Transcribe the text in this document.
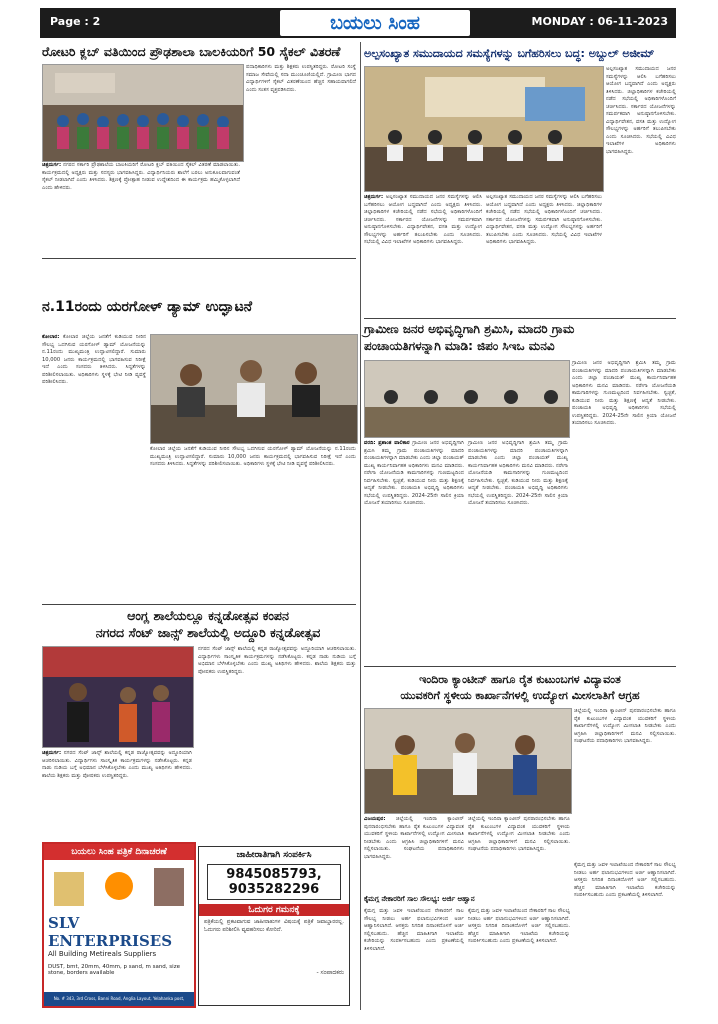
Page : 2	ಬಯಲು ಸಿಂಹ	MONDAY : 06-11-2023
ರೋಟರಿ ಕ್ಲಬ್ ವತಿಯಿಂದ ಪ್ರೌಢಶಾಲಾ ಬಾಲಕಿಯರಿಗೆ 50 ಸೈಕಲ್ ವಿತರಣೆ
ಚಿತ್ರದುರ್ಗ: ನಗರದ ಸರ್ಕಾರಿ ಪ್ರೌಢಶಾಲೆಯ ಬಾಲಕಿಯರಿಗೆ ರೋಟರಿ ಕ್ಲಬ್ ವತಿಯಿಂದ ಸೈಕಲ್ ವಿತರಣೆ ಮಾಡಲಾಯಿತು. ಕಾರ್ಯಕ್ರಮದಲ್ಲಿ ಅಧ್ಯಕ್ಷರು ಮತ್ತು ಸದಸ್ಯರು ಭಾಗವಹಿಸಿದ್ದರು. ವಿದ್ಯಾರ್ಥಿನಿಯರು ಶಾಲೆಗೆ ಬರಲು ಅನುಕೂಲವಾಗುವಂತೆ ಸೈಕಲ್ ನೀಡಲಾಗಿದೆ ಎಂದು ತಿಳಿಸಿದರು. ಶಿಕ್ಷಣಕ್ಕೆ ಪ್ರೋತ್ಸಾಹ ನೀಡುವ ಉದ್ದೇಶದಿಂದ ಈ ಕಾರ್ಯಕ್ರಮ ಹಮ್ಮಿಕೊಳ್ಳಲಾಗಿದೆ ಎಂದು ಹೇಳಿದರು.
ಪದಾಧಿಕಾರಿಗಳು ಮತ್ತು ಶಿಕ್ಷಕರು ಉಪಸ್ಥಿತರಿದ್ದರು. ರೋಟರಿ ಸಂಸ್ಥೆ ಸಮಾಜ ಸೇವೆಯಲ್ಲಿ ಸದಾ ಮುಂಚೂಣಿಯಲ್ಲಿದೆ. ಗ್ರಾಮೀಣ ಭಾಗದ ವಿದ್ಯಾರ್ಥಿಗಳಿಗೆ ಸೈಕಲ್ ವಿತರಣೆಯಿಂದ ಹೆಚ್ಚಿನ ಸಹಾಯವಾಗಲಿದೆ ಎಂದು ಸಂತಸ ವ್ಯಕ್ತಪಡಿಸಿದರು.
ನ.11ರಂದು ಯರಗೋಳ್ ಡ್ಯಾಮ್ ಉದ್ಘಾಟನೆ
ಕೋಲಾರ: ಕೋಲಾರ ಜಿಲ್ಲೆಯ ಜನತೆಗೆ ಕುಡಿಯುವ ನೀರಿನ ಸೌಲಭ್ಯ ಒದಗಿಸುವ ಯರಗೋಳ್ ಡ್ಯಾಮ್ ಯೋಜನೆಯನ್ನು ನ.11ರಂದು ಮುಖ್ಯಮಂತ್ರಿ ಉದ್ಘಾಟಿಸಲಿದ್ದಾರೆ. ಸುಮಾರು 10,000 ಜನರು ಕಾರ್ಯಕ್ರಮದಲ್ಲಿ ಭಾಗವಹಿಸುವ ನಿರೀಕ್ಷೆ ಇದೆ ಎಂದು ಸಂಸದರು ತಿಳಿಸಿದರು. ಸಿದ್ಧತೆಗಳನ್ನು ಪರಿಶೀಲಿಸಲಾಯಿತು. ಅಧಿಕಾರಿಗಳು ಸ್ಥಳಕ್ಕೆ ಭೇಟಿ ನೀಡಿ ವ್ಯವಸ್ಥೆ ಪರಿಶೀಲಿಸಿದರು.
ಕೋಲಾರ ಜಿಲ್ಲೆಯ ಜನತೆಗೆ ಕುಡಿಯುವ ನೀರಿನ ಸೌಲಭ್ಯ ಒದಗಿಸುವ ಯರಗೋಳ್ ಡ್ಯಾಮ್ ಯೋಜನೆಯನ್ನು ನ.11ರಂದು ಮುಖ್ಯಮಂತ್ರಿ ಉದ್ಘಾಟಿಸಲಿದ್ದಾರೆ. ಸುಮಾರು 10,000 ಜನರು ಕಾರ್ಯಕ್ರಮದಲ್ಲಿ ಭಾಗವಹಿಸುವ ನಿರೀಕ್ಷೆ ಇದೆ ಎಂದು ಸಂಸದರು ತಿಳಿಸಿದರು. ಸಿದ್ಧತೆಗಳನ್ನು ಪರಿಶೀಲಿಸಲಾಯಿತು. ಅಧಿಕಾರಿಗಳು ಸ್ಥಳಕ್ಕೆ ಭೇಟಿ ನೀಡಿ ವ್ಯವಸ್ಥೆ ಪರಿಶೀಲಿಸಿದರು.
ಆಂಗ್ಲ ಶಾಲೆಯಲ್ಲೂ ಕನ್ನಡೋತ್ಸವ ಕಂಪನ
ನಗರದ ಸೆಂಟ್ ಜಾನ್ಸ್ ಶಾಲೆಯಲ್ಲಿ ಅದ್ದೂರಿ ಕನ್ನಡೋತ್ಸವ
ಚಿತ್ರದುರ್ಗ: ನಗರದ ಸೆಂಟ್ ಜಾನ್ಸ್ ಶಾಲೆಯಲ್ಲಿ ಕನ್ನಡ ರಾಜ್ಯೋತ್ಸವವನ್ನು ಅದ್ದೂರಿಯಾಗಿ ಆಚರಿಸಲಾಯಿತು. ವಿದ್ಯಾರ್ಥಿಗಳು ಸಾಂಸ್ಕೃತಿಕ ಕಾರ್ಯಕ್ರಮಗಳನ್ನು ನಡೆಸಿಕೊಟ್ಟರು. ಕನ್ನಡ ನಾಡು ನುಡಿಯ ಬಗ್ಗೆ ಅಭಿಮಾನ ಬೆಳೆಸಿಕೊಳ್ಳಬೇಕು ಎಂದು ಮುಖ್ಯ ಅತಿಥಿಗಳು ಹೇಳಿದರು. ಶಾಲೆಯ ಶಿಕ್ಷಕರು ಮತ್ತು ಪೋಷಕರು ಉಪಸ್ಥಿತರಿದ್ದರು.
ನಗರದ ಸೆಂಟ್ ಜಾನ್ಸ್ ಶಾಲೆಯಲ್ಲಿ ಕನ್ನಡ ರಾಜ್ಯೋತ್ಸವವನ್ನು ಅದ್ದೂರಿಯಾಗಿ ಆಚರಿಸಲಾಯಿತು. ವಿದ್ಯಾರ್ಥಿಗಳು ಸಾಂಸ್ಕೃತಿಕ ಕಾರ್ಯಕ್ರಮಗಳನ್ನು ನಡೆಸಿಕೊಟ್ಟರು. ಕನ್ನಡ ನಾಡು ನುಡಿಯ ಬಗ್ಗೆ ಅಭಿಮಾನ ಬೆಳೆಸಿಕೊಳ್ಳಬೇಕು ಎಂದು ಮುಖ್ಯ ಅತಿಥಿಗಳು ಹೇಳಿದರು. ಶಾಲೆಯ ಶಿಕ್ಷಕರು ಮತ್ತು ಪೋಷಕರು ಉಪಸ್ಥಿತರಿದ್ದರು.
ಬಯಲು ಸಿಂಹ ಪತ್ರಿಕೆ ದಿನಾಚರಣೆ
SLV ENTERPRISES
All Building Metireals Suppliers
DUST, bmt, 20mm, 40mm, p sand, m sand, size stone, borders available
No. # 343, 3rd Cross, Banni Road, Anglia Layout, Yelahanka post, Bangalore
ಜಾಹೀರಾತಿಗಾಗಿ ಸಂಪರ್ಕಿಸಿ
9845085793, 9035282296
ಓದುಗರ ಗಮನಕ್ಕೆ
ಪತ್ರಿಕೆಯಲ್ಲಿ ಪ್ರಕಟವಾಗುವ ಜಾಹೀರಾತುಗಳ ವಿಷಯಕ್ಕೆ ಪತ್ರಿಕೆ ಜವಾಬ್ದಾರರಲ್ಲ. ಓದುಗರು ಪರಿಶೀಲಿಸಿ ವ್ಯವಹರಿಸಲು ಕೋರಿದೆ.
- ಸಂಪಾದಕರು
ಅಲ್ಪಸಂಖ್ಯಾತ ಸಮುದಾಯದ ಸಮಸ್ಯೆಗಳನ್ನು ಬಗೆಹರಿಸಲು ಬದ್ಧ: ಅಬ್ದುಲ್ ಅಜೀಮ್
ಅಲ್ಪಸಂಖ್ಯಾತ ಸಮುದಾಯದ ಜನರ ಸಮಸ್ಯೆಗಳನ್ನು ಆಲಿಸಿ ಬಗೆಹರಿಸಲು ಆಯೋಗ ಬದ್ಧವಾಗಿದೆ ಎಂದು ಅಧ್ಯಕ್ಷರು ತಿಳಿಸಿದರು. ಜಿಲ್ಲಾಧಿಕಾರಿಗಳ ಕಚೇರಿಯಲ್ಲಿ ನಡೆದ ಸಭೆಯಲ್ಲಿ ಅಧಿಕಾರಿಗಳೊಂದಿಗೆ ಚರ್ಚಿಸಿದರು. ಸರ್ಕಾರದ ಯೋಜನೆಗಳನ್ನು ಸಮರ್ಪಕವಾಗಿ ಅನುಷ್ಠಾನಗೊಳಿಸಬೇಕು. ವಿದ್ಯಾರ್ಥಿವೇತನ, ವಸತಿ ಮತ್ತು ಉದ್ಯೋಗ ಸೌಲಭ್ಯಗಳನ್ನು ಅರ್ಹರಿಗೆ ತಲುಪಿಸಬೇಕು ಎಂದು ಸೂಚಿಸಿದರು. ಸಭೆಯಲ್ಲಿ ವಿವಿಧ ಇಲಾಖೆಗಳ ಅಧಿಕಾರಿಗಳು ಭಾಗವಹಿಸಿದ್ದರು.
ಚಿತ್ರದುರ್ಗ: ಅಲ್ಪಸಂಖ್ಯಾತ ಸಮುದಾಯದ ಜನರ ಸಮಸ್ಯೆಗಳನ್ನು ಆಲಿಸಿ ಬಗೆಹರಿಸಲು ಆಯೋಗ ಬದ್ಧವಾಗಿದೆ ಎಂದು ಅಧ್ಯಕ್ಷರು ತಿಳಿಸಿದರು. ಜಿಲ್ಲಾಧಿಕಾರಿಗಳ ಕಚೇರಿಯಲ್ಲಿ ನಡೆದ ಸಭೆಯಲ್ಲಿ ಅಧಿಕಾರಿಗಳೊಂದಿಗೆ ಚರ್ಚಿಸಿದರು. ಸರ್ಕಾರದ ಯೋಜನೆಗಳನ್ನು ಸಮರ್ಪಕವಾಗಿ ಅನುಷ್ಠಾನಗೊಳಿಸಬೇಕು. ವಿದ್ಯಾರ್ಥಿವೇತನ, ವಸತಿ ಮತ್ತು ಉದ್ಯೋಗ ಸೌಲಭ್ಯಗಳನ್ನು ಅರ್ಹರಿಗೆ ತಲುಪಿಸಬೇಕು ಎಂದು ಸೂಚಿಸಿದರು. ಸಭೆಯಲ್ಲಿ ವಿವಿಧ ಇಲಾಖೆಗಳ ಅಧಿಕಾರಿಗಳು ಭಾಗವಹಿಸಿದ್ದರು.
ಅಲ್ಪಸಂಖ್ಯಾತ ಸಮುದಾಯದ ಜನರ ಸಮಸ್ಯೆಗಳನ್ನು ಆಲಿಸಿ ಬಗೆಹರಿಸಲು ಆಯೋಗ ಬದ್ಧವಾಗಿದೆ ಎಂದು ಅಧ್ಯಕ್ಷರು ತಿಳಿಸಿದರು. ಜಿಲ್ಲಾಧಿಕಾರಿಗಳ ಕಚೇರಿಯಲ್ಲಿ ನಡೆದ ಸಭೆಯಲ್ಲಿ ಅಧಿಕಾರಿಗಳೊಂದಿಗೆ ಚರ್ಚಿಸಿದರು. ಸರ್ಕಾರದ ಯೋಜನೆಗಳನ್ನು ಸಮರ್ಪಕವಾಗಿ ಅನುಷ್ಠಾನಗೊಳಿಸಬೇಕು. ವಿದ್ಯಾರ್ಥಿವೇತನ, ವಸತಿ ಮತ್ತು ಉದ್ಯೋಗ ಸೌಲಭ್ಯಗಳನ್ನು ಅರ್ಹರಿಗೆ ತಲುಪಿಸಬೇಕು ಎಂದು ಸೂಚಿಸಿದರು. ಸಭೆಯಲ್ಲಿ ವಿವಿಧ ಇಲಾಖೆಗಳ ಅಧಿಕಾರಿಗಳು ಭಾಗವಹಿಸಿದ್ದರು.
ಗ್ರಾಮೀಣ ಜನರ ಅಭಿವೃದ್ಧಿಗಾಗಿ ಶ್ರಮಿಸಿ, ಮಾದರಿ ಗ್ರಾಮ
ಪಂಚಾಯತಿಗಳನ್ನಾಗಿ ಮಾಡಿ: ಜಿಪಂ ಸಿಇಒ ಮನವಿ
ಗ್ರಾಮೀಣ ಜನರ ಅಭಿವೃದ್ಧಿಗಾಗಿ ಶ್ರಮಿಸಿ ತಮ್ಮ ಗ್ರಾಮ ಪಂಚಾಯತಿಗಳನ್ನು ಮಾದರಿ ಪಂಚಾಯತಿಗಳನ್ನಾಗಿ ಮಾಡಬೇಕು ಎಂದು ಜಿಲ್ಲಾ ಪಂಚಾಯತ್ ಮುಖ್ಯ ಕಾರ್ಯನಿರ್ವಾಹಕ ಅಧಿಕಾರಿಗಳು ಮನವಿ ಮಾಡಿದರು. ನರೇಗಾ ಯೋಜನೆಯಡಿ ಕಾಮಗಾರಿಗಳನ್ನು ಗುಣಮಟ್ಟದಿಂದ ನಿರ್ವಹಿಸಬೇಕು. ಸ್ವಚ್ಛತೆ, ಕುಡಿಯುವ ನೀರು ಮತ್ತು ಶಿಕ್ಷಣಕ್ಕೆ ಆದ್ಯತೆ ನೀಡಬೇಕು. ಪಂಚಾಯತಿ ಅಭಿವೃದ್ಧಿ ಅಧಿಕಾರಿಗಳು ಸಭೆಯಲ್ಲಿ ಉಪಸ್ಥಿತರಿದ್ದರು. 2024-25ನೇ ಸಾಲಿನ ಕ್ರಿಯಾ ಯೋಜನೆ ತಯಾರಿಸಲು ಸೂಚಿಸಿದರು.
ವರದಿ: ಪ್ರಶಾಂತ ವಾಲಿಕಾರ ಗ್ರಾಮೀಣ ಜನರ ಅಭಿವೃದ್ಧಿಗಾಗಿ ಶ್ರಮಿಸಿ ತಮ್ಮ ಗ್ರಾಮ ಪಂಚಾಯತಿಗಳನ್ನು ಮಾದರಿ ಪಂಚಾಯತಿಗಳನ್ನಾಗಿ ಮಾಡಬೇಕು ಎಂದು ಜಿಲ್ಲಾ ಪಂಚಾಯತ್ ಮುಖ್ಯ ಕಾರ್ಯನಿರ್ವಾಹಕ ಅಧಿಕಾರಿಗಳು ಮನವಿ ಮಾಡಿದರು. ನರೇಗಾ ಯೋಜನೆಯಡಿ ಕಾಮಗಾರಿಗಳನ್ನು ಗುಣಮಟ್ಟದಿಂದ ನಿರ್ವಹಿಸಬೇಕು. ಸ್ವಚ್ಛತೆ, ಕುಡಿಯುವ ನೀರು ಮತ್ತು ಶಿಕ್ಷಣಕ್ಕೆ ಆದ್ಯತೆ ನೀಡಬೇಕು. ಪಂಚಾಯತಿ ಅಭಿವೃದ್ಧಿ ಅಧಿಕಾರಿಗಳು ಸಭೆಯಲ್ಲಿ ಉಪಸ್ಥಿತರಿದ್ದರು. 2024-25ನೇ ಸಾಲಿನ ಕ್ರಿಯಾ ಯೋಜನೆ ತಯಾರಿಸಲು ಸೂಚಿಸಿದರು.
ಗ್ರಾಮೀಣ ಜನರ ಅಭಿವೃದ್ಧಿಗಾಗಿ ಶ್ರಮಿಸಿ ತಮ್ಮ ಗ್ರಾಮ ಪಂಚಾಯತಿಗಳನ್ನು ಮಾದರಿ ಪಂಚಾಯತಿಗಳನ್ನಾಗಿ ಮಾಡಬೇಕು ಎಂದು ಜಿಲ್ಲಾ ಪಂಚಾಯತ್ ಮುಖ್ಯ ಕಾರ್ಯನಿರ್ವಾಹಕ ಅಧಿಕಾರಿಗಳು ಮನವಿ ಮಾಡಿದರು. ನರೇಗಾ ಯೋಜನೆಯಡಿ ಕಾಮಗಾರಿಗಳನ್ನು ಗುಣಮಟ್ಟದಿಂದ ನಿರ್ವಹಿಸಬೇಕು. ಸ್ವಚ್ಛತೆ, ಕುಡಿಯುವ ನೀರು ಮತ್ತು ಶಿಕ್ಷಣಕ್ಕೆ ಆದ್ಯತೆ ನೀಡಬೇಕು. ಪಂಚಾಯತಿ ಅಭಿವೃದ್ಧಿ ಅಧಿಕಾರಿಗಳು ಸಭೆಯಲ್ಲಿ ಉಪಸ್ಥಿತರಿದ್ದರು. 2024-25ನೇ ಸಾಲಿನ ಕ್ರಿಯಾ ಯೋಜನೆ ತಯಾರಿಸಲು ಸೂಚಿಸಿದರು.
ಇಂದಿರಾ ಕ್ಯಾಂಟೀನ್ ಹಾಗೂ ರೈತ ಕುಟುಂಬಗಳ ವಿದ್ಯಾವಂತ
ಯುವಕರಿಗೆ ಸ್ಥಳೀಯ ಕಾರ್ಖಾನೆಗಳಲ್ಲಿ ಉದ್ಯೋಗ ಮೀಸಲಾತಿಗೆ ಆಗ್ರಹ
ಜಿಲ್ಲೆಯಲ್ಲಿ ಇಂದಿರಾ ಕ್ಯಾಂಟೀನ್ ಪುನರಾರಂಭಿಸಬೇಕು ಹಾಗೂ ರೈತ ಕುಟುಂಬಗಳ ವಿದ್ಯಾವಂತ ಯುವಕರಿಗೆ ಸ್ಥಳೀಯ ಕಾರ್ಖಾನೆಗಳಲ್ಲಿ ಉದ್ಯೋಗ ಮೀಸಲಾತಿ ನೀಡಬೇಕು ಎಂದು ಆಗ್ರಹಿಸಿ ಜಿಲ್ಲಾಧಿಕಾರಿಗಳಿಗೆ ಮನವಿ ಸಲ್ಲಿಸಲಾಯಿತು. ಸಂಘಟನೆಯ ಪದಾಧಿಕಾರಿಗಳು ಭಾಗವಹಿಸಿದ್ದರು.
ವಿಜಯಪುರ: ಜಿಲ್ಲೆಯಲ್ಲಿ ಇಂದಿರಾ ಕ್ಯಾಂಟೀನ್ ಪುನರಾರಂಭಿಸಬೇಕು ಹಾಗೂ ರೈತ ಕುಟುಂಬಗಳ ವಿದ್ಯಾವಂತ ಯುವಕರಿಗೆ ಸ್ಥಳೀಯ ಕಾರ್ಖಾನೆಗಳಲ್ಲಿ ಉದ್ಯೋಗ ಮೀಸಲಾತಿ ನೀಡಬೇಕು ಎಂದು ಆಗ್ರಹಿಸಿ ಜಿಲ್ಲಾಧಿಕಾರಿಗಳಿಗೆ ಮನವಿ ಸಲ್ಲಿಸಲಾಯಿತು. ಸಂಘಟನೆಯ ಪದಾಧಿಕಾರಿಗಳು ಭಾಗವಹಿಸಿದ್ದರು.
ಜಿಲ್ಲೆಯಲ್ಲಿ ಇಂದಿರಾ ಕ್ಯಾಂಟೀನ್ ಪುನರಾರಂಭಿಸಬೇಕು ಹಾಗೂ ರೈತ ಕುಟುಂಬಗಳ ವಿದ್ಯಾವಂತ ಯುವಕರಿಗೆ ಸ್ಥಳೀಯ ಕಾರ್ಖಾನೆಗಳಲ್ಲಿ ಉದ್ಯೋಗ ಮೀಸಲಾತಿ ನೀಡಬೇಕು ಎಂದು ಆಗ್ರಹಿಸಿ ಜಿಲ್ಲಾಧಿಕಾರಿಗಳಿಗೆ ಮನವಿ ಸಲ್ಲಿಸಲಾಯಿತು. ಸಂಘಟನೆಯ ಪದಾಧಿಕಾರಿಗಳು ಭಾಗವಹಿಸಿದ್ದರು.
ಕೈಮಗ್ಗ ನೇಕಾರರಿಗೆ ಸಾಲ ಸೌಲಭ್ಯ: ಅರ್ಜಿ ಆಹ್ವಾನ
ಕೈಮಗ್ಗ ಮತ್ತು ಜವಳಿ ಇಲಾಖೆಯಿಂದ ನೇಕಾರರಿಗೆ ಸಾಲ ಸೌಲಭ್ಯ ನೀಡಲು ಅರ್ಹ ಫಲಾನುಭವಿಗಳಿಂದ ಅರ್ಜಿ ಆಹ್ವಾನಿಸಲಾಗಿದೆ. ಆಸಕ್ತರು ನಿಗದಿತ ದಿನಾಂಕದೊಳಗೆ ಅರ್ಜಿ ಸಲ್ಲಿಸಬಹುದು. ಹೆಚ್ಚಿನ ಮಾಹಿತಿಗಾಗಿ ಇಲಾಖೆಯ ಕಚೇರಿಯನ್ನು ಸಂಪರ್ಕಿಸಬಹುದು ಎಂದು ಪ್ರಕಟಣೆಯಲ್ಲಿ ತಿಳಿಸಲಾಗಿದೆ.
ಕೈಮಗ್ಗ ಮತ್ತು ಜವಳಿ ಇಲಾಖೆಯಿಂದ ನೇಕಾರರಿಗೆ ಸಾಲ ಸೌಲಭ್ಯ ನೀಡಲು ಅರ್ಹ ಫಲಾನುಭವಿಗಳಿಂದ ಅರ್ಜಿ ಆಹ್ವಾನಿಸಲಾಗಿದೆ. ಆಸಕ್ತರು ನಿಗದಿತ ದಿನಾಂಕದೊಳಗೆ ಅರ್ಜಿ ಸಲ್ಲಿಸಬಹುದು. ಹೆಚ್ಚಿನ ಮಾಹಿತಿಗಾಗಿ ಇಲಾಖೆಯ ಕಚೇರಿಯನ್ನು ಸಂಪರ್ಕಿಸಬಹುದು ಎಂದು ಪ್ರಕಟಣೆಯಲ್ಲಿ ತಿಳಿಸಲಾಗಿದೆ.
ಕೈಮಗ್ಗ ಮತ್ತು ಜವಳಿ ಇಲಾಖೆಯಿಂದ ನೇಕಾರರಿಗೆ ಸಾಲ ಸೌಲಭ್ಯ ನೀಡಲು ಅರ್ಹ ಫಲಾನುಭವಿಗಳಿಂದ ಅರ್ಜಿ ಆಹ್ವಾನಿಸಲಾಗಿದೆ. ಆಸಕ್ತರು ನಿಗದಿತ ದಿನಾಂಕದೊಳಗೆ ಅರ್ಜಿ ಸಲ್ಲಿಸಬಹುದು. ಹೆಚ್ಚಿನ ಮಾಹಿತಿಗಾಗಿ ಇಲಾಖೆಯ ಕಚೇರಿಯನ್ನು ಸಂಪರ್ಕಿಸಬಹುದು ಎಂದು ಪ್ರಕಟಣೆಯಲ್ಲಿ ತಿಳಿಸಲಾಗಿದೆ.
